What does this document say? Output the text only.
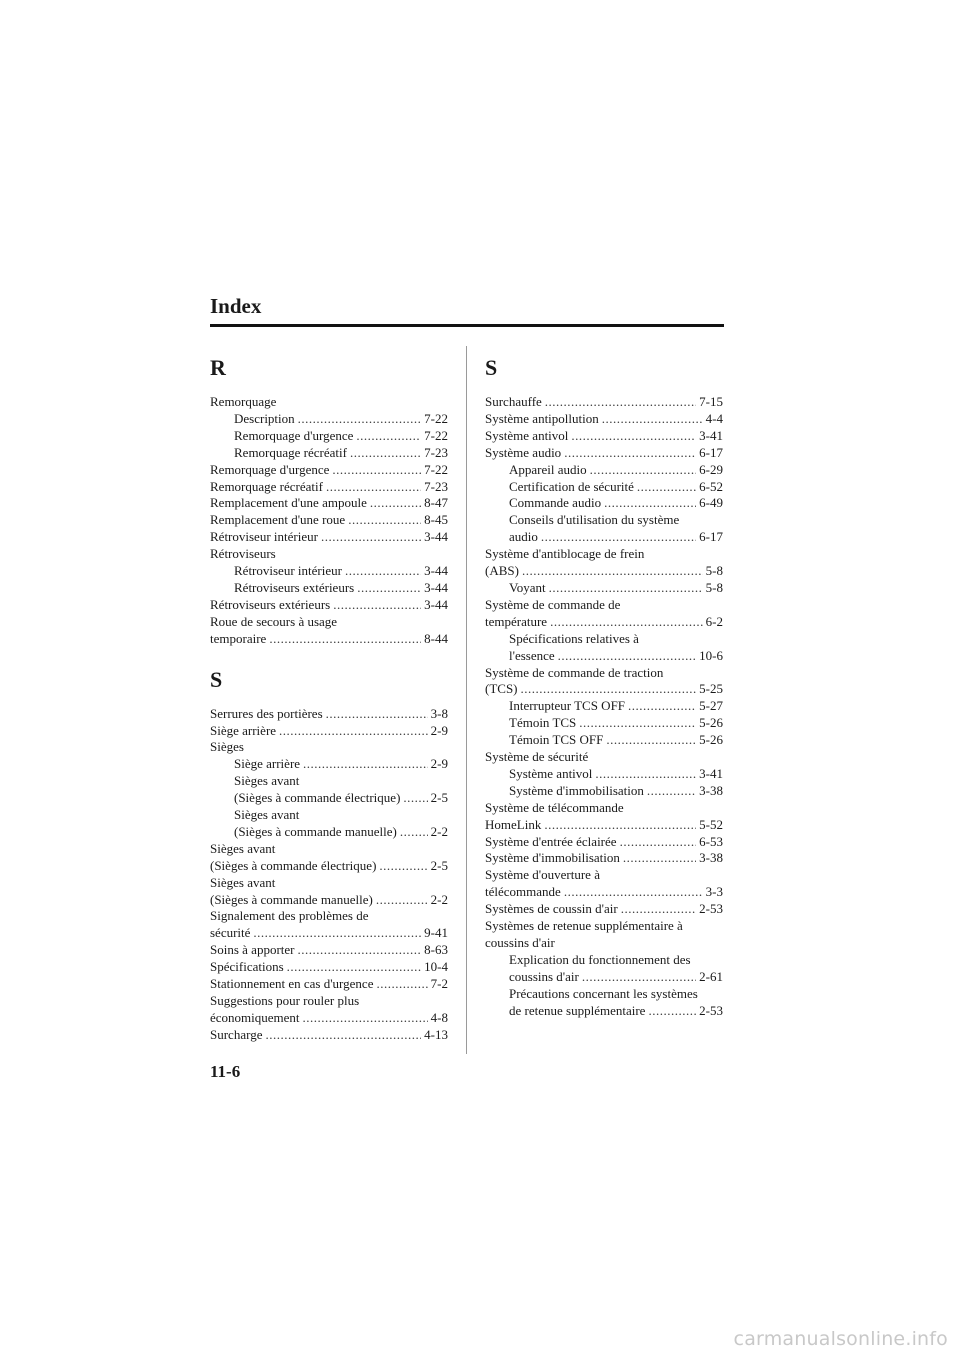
Index
R
Remorquage
Description .....	7-22
Remorquage d'urgence .....	7-22
Remorquage récréatif .....	7-23
Remorquage d'urgence .....	7-22
Remorquage récréatif .....	7-23
Remplacement d'une ampoule .....	8-47
Remplacement d'une roue .....	8-45
Rétroviseur intérieur .....	3-44
Rétroviseurs
Rétroviseur intérieur .....	3-44
Rétroviseurs extérieurs .....	3-44
Rétroviseurs extérieurs .....	3-44
Roue de secours à usage
temporaire .....	8-44
S
Serrures des portières .....	3-8
Siège arrière .....	2-9
Sièges
Siège arrière .....	2-9
Sièges avant
(Sièges à commande électrique) ..... 2-5
Sièges avant
(Sièges à commande manuelle) .....	2-2
Sièges avant
(Sièges à commande électrique) .....	2-5
Sièges avant
(Sièges à commande manuelle) .....	2-2
Signalement des problèmes de
sécurité .....	9-41
Soins à apporter .....	8-63
Spécifications .....	10-4
Stationnement en cas d'urgence .....	7-2
Suggestions pour rouler plus
économiquement .....	4-8
Surcharge .....	4-13
S
Surchauffe .....	7-15
Système antipollution .....	4-4
Système antivol .....	3-41
Système audio .....	6-17
Appareil audio .....	6-29
Certification de sécurité .....	6-52
Commande audio .....	6-49
Conseils d'utilisation du système
audio .....	6-17
Système d'antiblocage de frein
(ABS) .....	5-8
Voyant .....	5-8
Système de commande de
température .....	6-2
Spécifications relatives à
l'essence .....	10-6
Système de commande de traction
(TCS) .....	5-25
Interrupteur TCS OFF .....	5-27
Témoin TCS .....	5-26
Témoin TCS OFF .....	5-26
Système de sécurité
Système antivol .....	3-41
Système d'immobilisation .....	3-38
Système de télécommande
HomeLink .....	5-52
Système d'entrée éclairée .....	6-53
Système d'immobilisation .....	3-38
Système d'ouverture à
télécommande .....	3-3
Systèmes de coussin d'air .....	2-53
Systèmes de retenue supplémentaire à
coussins d'air
Explication du fonctionnement des
coussins d'air .....	2-61
Précautions concernant les systèmes
de retenue supplémentaire .....	2-53
11-6
carmanualsonline.info
